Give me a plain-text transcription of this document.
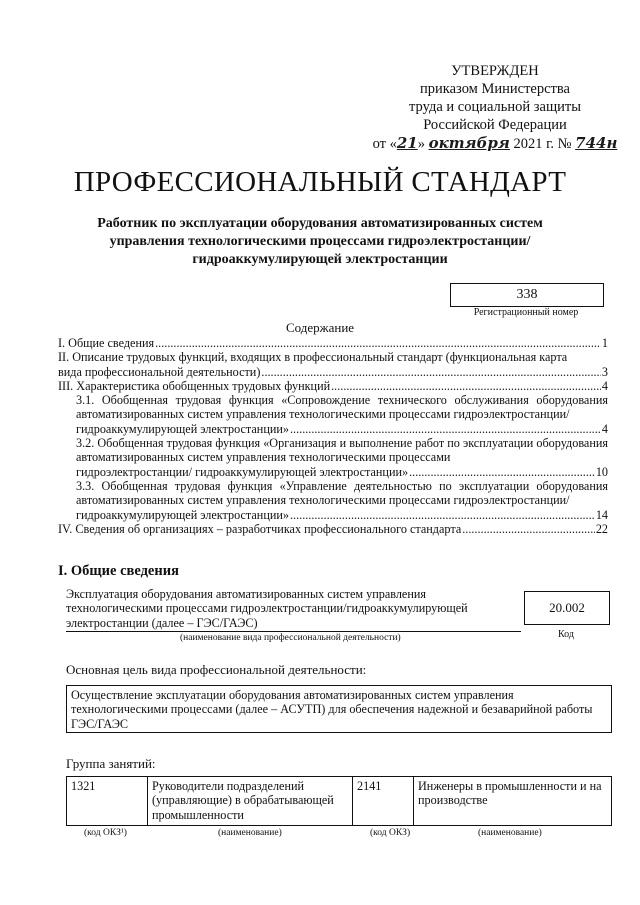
УТВЕРЖДЕН
приказом Министерства
труда и социальной защиты
Российской Федерации
от «21» октября 2021 г. № 744н
ПРОФЕССИОНАЛЬНЫЙ СТАНДАРТ
Работник по эксплуатации оборудования автоматизированных систем управления технологическими процессами гидроэлектростанции/гидроаккумулирующей электростанции
338
Регистрационный номер
Содержание
I. Общие сведения .....	1
II. Описание трудовых функций, входящих в профессиональный стандарт (функциональная карта
вида профессиональной деятельности) .....	3
III. Характеристика обобщенных трудовых функций .....	4
3.1. Обобщенная трудовая функция «Сопровождение технического обслуживания оборудования автоматизированных систем управления технологическими процессами гидроэлектростанции/
гидроаккумулирующей электростанции» .....	4
3.2. Обобщенная трудовая функция «Организация и выполнение работ по эксплуатации оборудования автоматизированных систем управления технологическими процессами
гидроэлектростанции/ гидроаккумулирующей электростанции» .....	10
3.3. Обобщенная трудовая функция «Управление деятельностью по эксплуатации оборудования автоматизированных систем управления технологическими процессами гидроэлектростанции/
гидроаккумулирующей электростанции» .....	14
IV. Сведения об организациях – разработчиках профессионального стандарта .....	22
I. Общие сведения
Эксплуатация оборудования автоматизированных систем управления технологическими процессами гидроэлектростанции/гидроаккумулирующей электростанции (далее – ГЭС/ГАЭС)
(наименование вида профессиональной деятельности)
20.002
Код
Основная цель вида профессиональной деятельности:
Осуществление эксплуатации оборудования автоматизированных систем управления технологическими процессами (далее – АСУТП) для обеспечения надежной и безаварийной работы ГЭС/ГАЭС
Группа занятий:
1321	Руководители подразделений (управляющие) в обрабатывающей промышленности	2141	Инженеры в промышленности и на производстве
(код ОКЗ¹)	(наименование)	(код ОКЗ)	(наименование)
